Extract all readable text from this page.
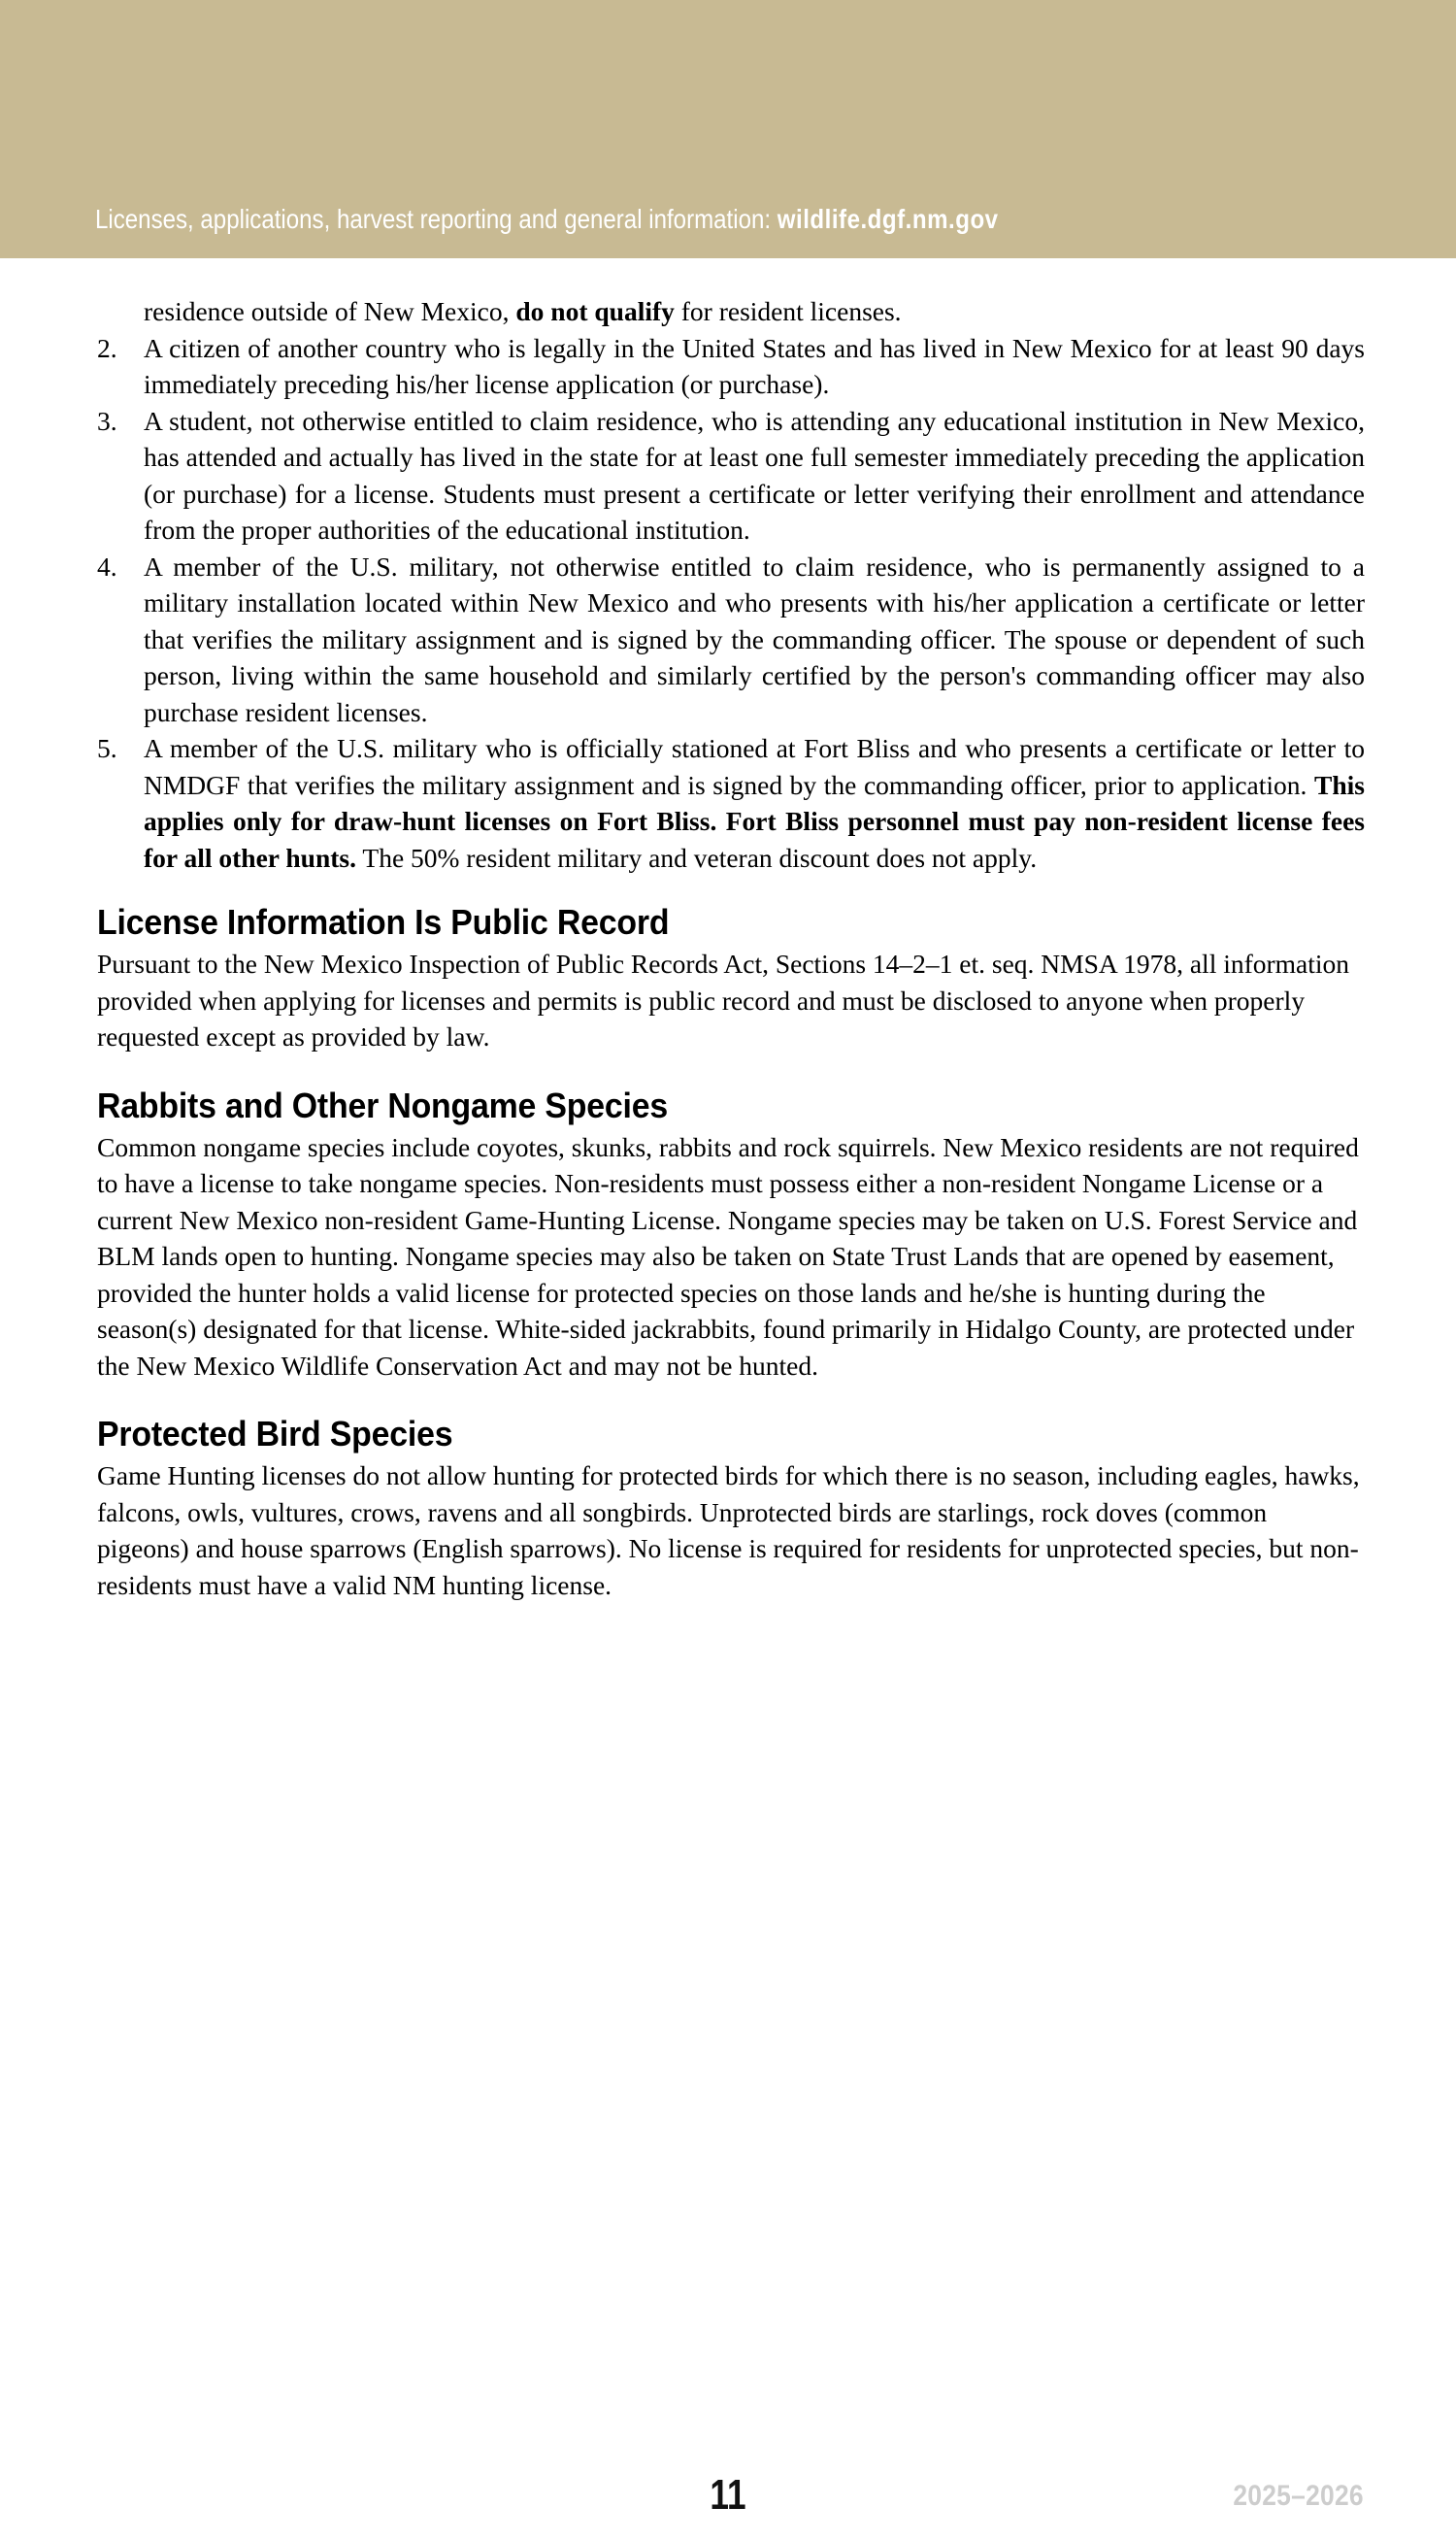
Licenses, applications, harvest reporting and general information: wildlife.dgf.nm.gov
residence outside of New Mexico, do not qualify for resident licenses.
2. A citizen of another country who is legally in the United States and has lived in New Mexico for at least 90 days immediately preceding his/her license application (or purchase).
3. A student, not otherwise entitled to claim residence, who is attending any educational institution in New Mexico, has attended and actually has lived in the state for at least one full semester immediately preceding the application (or purchase) for a license. Students must present a certificate or letter verifying their enrollment and attendance from the proper authorities of the educational institution.
4. A member of the U.S. military, not otherwise entitled to claim residence, who is permanently assigned to a military installation located within New Mexico and who presents with his/her application a certificate or letter that verifies the military assignment and is signed by the commanding officer. The spouse or dependent of such person, living within the same household and similarly certified by the person's commanding officer may also purchase resident licenses.
5. A member of the U.S. military who is officially stationed at Fort Bliss and who presents a certificate or letter to NMDGF that verifies the military assignment and is signed by the commanding officer, prior to application. This applies only for draw-hunt licenses on Fort Bliss. Fort Bliss personnel must pay non-resident license fees for all other hunts. The 50% resident military and veteran discount does not apply.
License Information Is Public Record

Pursuant to the New Mexico Inspection of Public Records Act, Sections 14–2–1 et. seq. NMSA 1978, all information provided when applying for licenses and permits is public record and must be disclosed to anyone when properly requested except as provided by law.

Rabbits and Other Nongame Species

Common nongame species include coyotes, skunks, rabbits and rock squirrels. New Mexico residents are not required to have a license to take nongame species. Non-residents must possess either a non-resident Nongame License or a current New Mexico non-resident Game-Hunting License. Nongame species may be taken on U.S. Forest Service and BLM lands open to hunting. Nongame species may also be taken on State Trust Lands that are opened by easement, provided the hunter holds a valid license for protected species on those lands and he/she is hunting during the season(s) designated for that license. White-sided jackrabbits, found primarily in Hidalgo County, are protected under the New Mexico Wildlife Conservation Act and may not be hunted.

Protected Bird Species

Game Hunting licenses do not allow hunting for protected birds for which there is no season, including eagles, hawks, falcons, owls, vultures, crows, ravens and all songbirds. Unprotected birds are starlings, rock doves (common pigeons) and house sparrows (English sparrows). No license is required for residents for unprotected species, but non-residents must have a valid NM hunting license.

11	2025–2026
